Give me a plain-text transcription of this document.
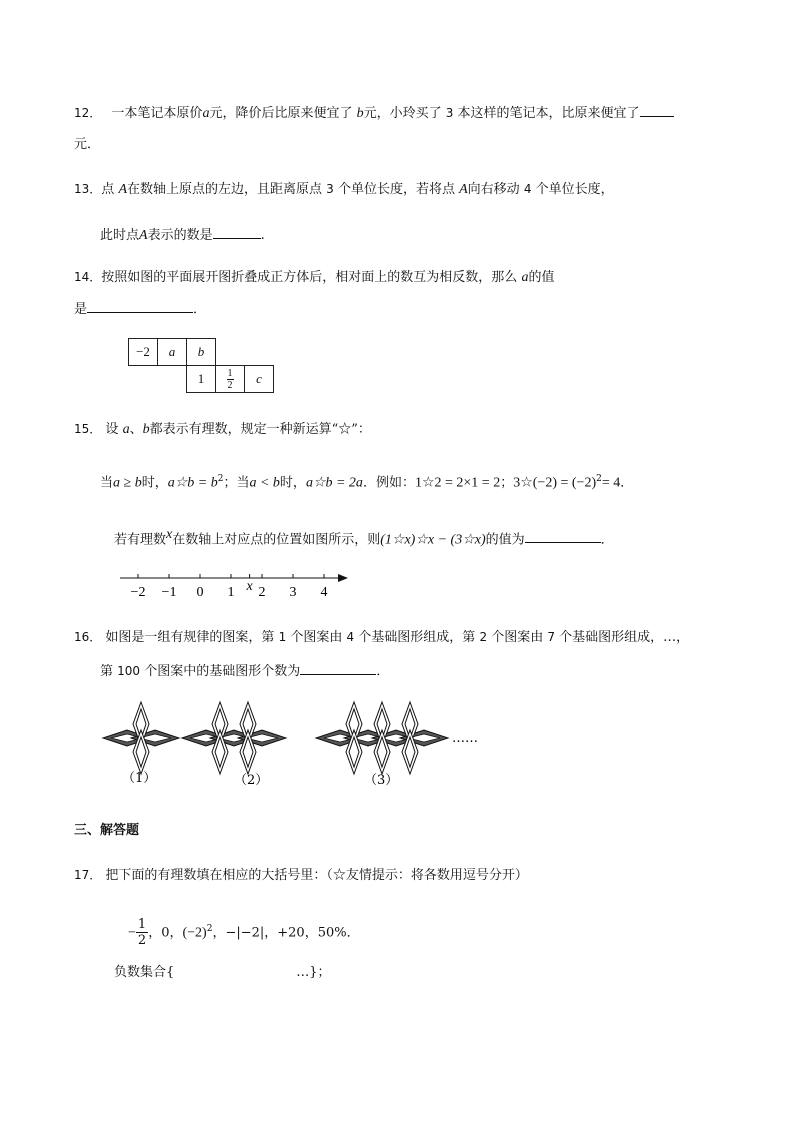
12． 一本笔记本原价a元，降价后比原来便宜了 b元，小玲买了 3 本这样的笔记本，比原来便宜了
元．
13．点 A在数轴上原点的左边，且距离原点 3 个单位长度，若将点 A向右移动 4 个单位长度，
此时点A表示的数是	.
14．按照如图的平面展开图折叠成正方体后，相对面上的数互为相反数，那么 a的值
是	．
−2	a	b		
		1	$\frac{1}{2}$	c
15． 设 a、b都表示有理数，规定一种新运算“☆”：
当a ≥ b时，a☆b = $b^2$；当a < b时，a☆b = 2a．例如：1☆2 = 2×1 = 2；3☆(−2) = $(-2)^2= 4$．
若有理数$^x$在数轴上对应点的位置如图所示，则(1☆x)☆x − (3☆x)的值为	．
−2 −1 0 1 2 3 4
x
16． 如图是一组有规律的图案，第 1 个图案由 4 个基础图形组成，第 2 个图案由 7 个基础图形组成，…，
第 100 个图案中的基础图形个数为	．
……
（1）	（2）	（3）
三、解答题
17． 把下面的有理数填在相应的大括号里：（☆友情提示：将各数用逗号分开）
− $\frac{1}{2}$ ，0，$(-2)^2$，−|−2|，+20，50%．
负数集合{	…}；
